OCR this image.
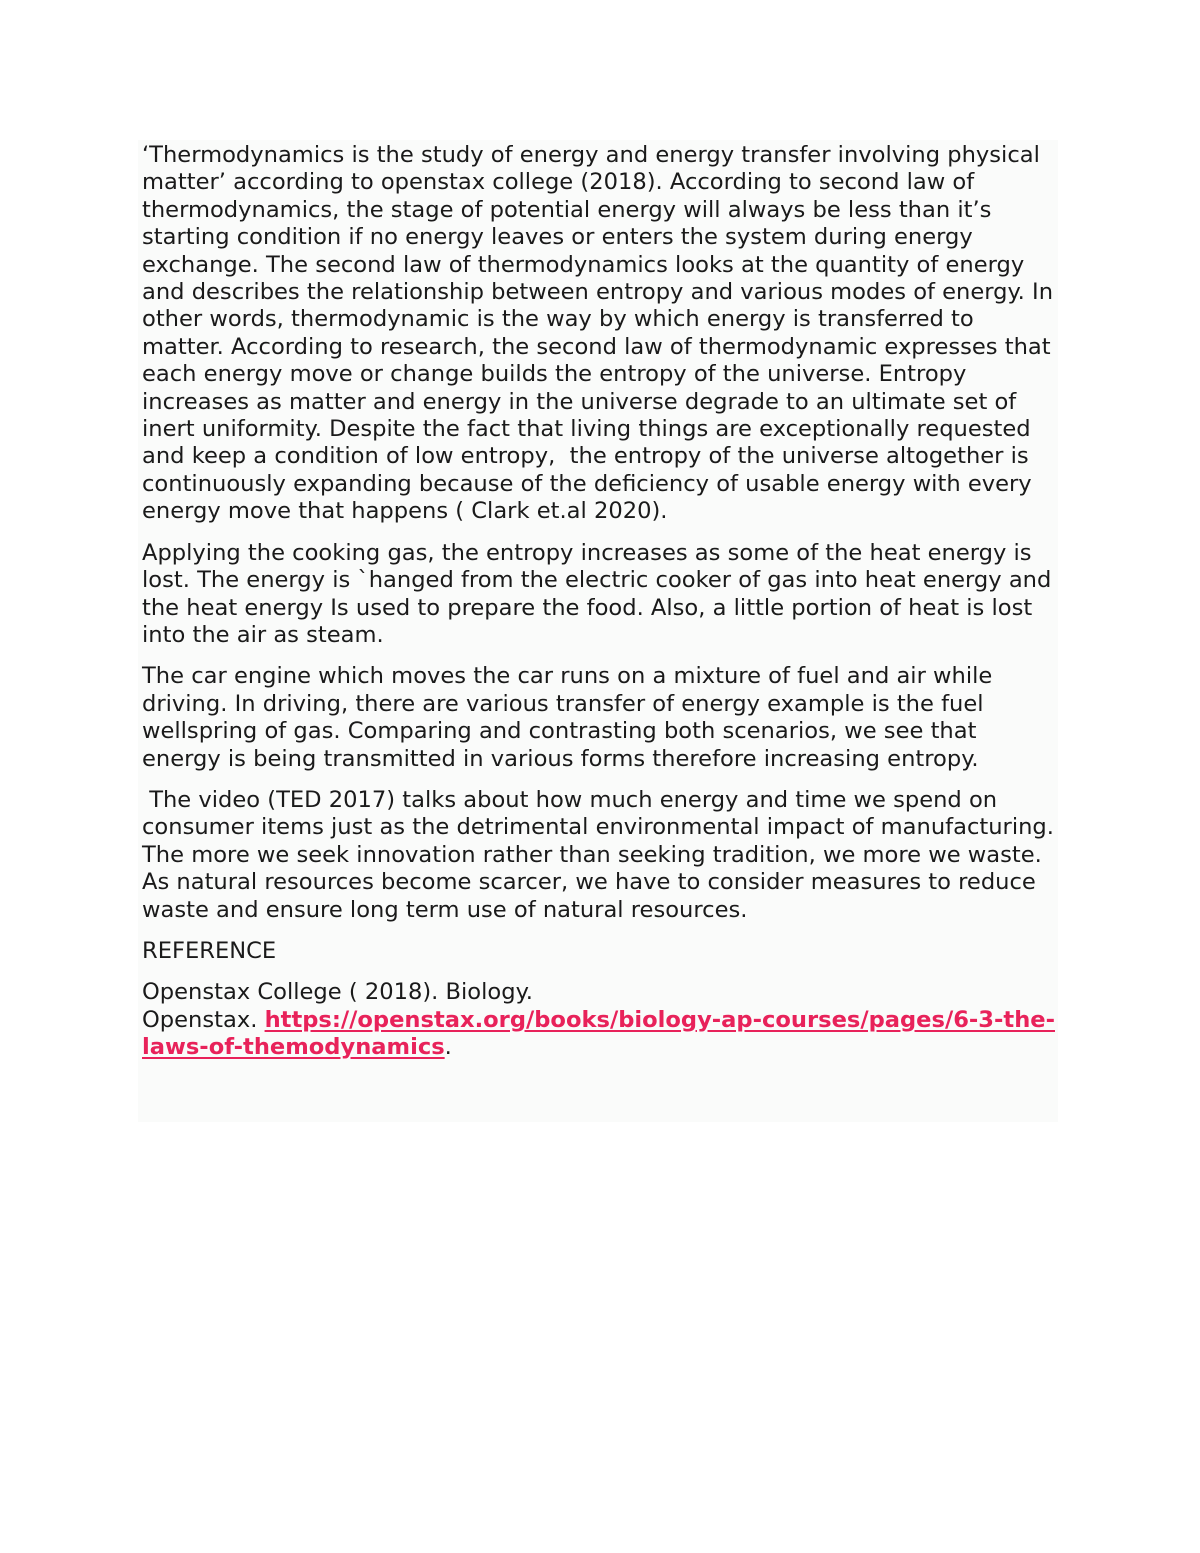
‘Thermodynamics is the study of energy and energy transfer involving physical matter’ according to openstax college (2018). According to second law of thermodynamics, the stage of potential energy will always be less than it’s starting condition if no energy leaves or enters the system during energy exchange. The second law of thermodynamics looks at the quantity of energy and describes the relationship between entropy and various modes of energy. In other words, thermodynamic is the way by which energy is transferred to matter. According to research, the second law of thermodynamic expresses that each energy move or change builds the entropy of the universe. Entropy increases as matter and energy in the universe degrade to an ultimate set of inert uniformity. Despite the fact that living things are exceptionally requested and keep a condition of low entropy,  the entropy of the universe altogether is continuously expanding because of the deficiency of usable energy with every energy move that happens ( Clark et.al 2020).

Applying the cooking gas, the entropy increases as some of the heat energy is lost. The energy is `hanged from the electric cooker of gas into heat energy and the heat energy Is used to prepare the food. Also, a little portion of heat is lost into the air as steam.

The car engine which moves the car runs on a mixture of fuel and air while driving. In driving, there are various transfer of energy example is the fuel wellspring of gas. Comparing and contrasting both scenarios, we see that energy is being transmitted in various forms therefore increasing entropy.

The video (TED 2017) talks about how much energy and time we spend on consumer items just as the detrimental environmental impact of manufacturing. The more we seek innovation rather than seeking tradition, we more we waste. As natural resources become scarcer, we have to consider measures to reduce waste and ensure long term use of natural resources.

REFERENCE

Openstax College ( 2018). Biology.
Openstax. https://openstax.org/books/biology-ap-courses/pages/6-3-the-laws-of-themodynamics.
